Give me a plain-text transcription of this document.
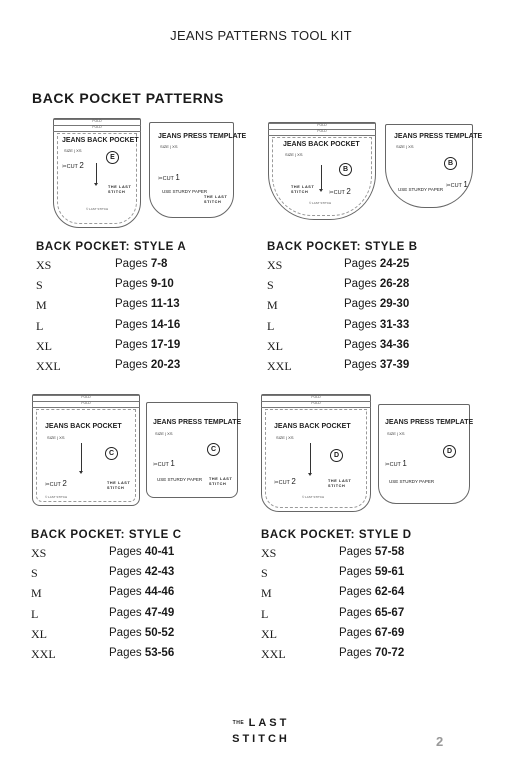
JEANS PATTERNS TOOL KIT
BACK POCKET PATTERNS
FOLD
FOLD
JEANS BACK POCKET
SIZE | XS
E
✂CUT 2
THE LAST
STITCH
© LAST STITCH
JEANS PRESS TEMPLATE
SIZE | XS
✂CUT 1
USE STURDY PAPER
THE LAST
STITCH
FOLD
FOLD
JEANS BACK POCKET
SIZE | XS
B
THE LAST
STITCH	✂CUT 2
© LAST STITCH
JEANS PRESS TEMPLATE
SIZE | XS
B
✂CUT 1
USE STURDY PAPER
FOLD
FOLD
JEANS BACK POCKET
SIZE | XS
C
✂CUT 2	THE LAST
STITCH
© LAST STITCH
JEANS PRESS TEMPLATE
SIZE | XS
C
✂CUT 1
USE STURDY PAPER THE LAST
STITCH
FOLD
FOLD
JEANS BACK POCKET
SIZE | XS
D
✂CUT 2	THE LAST
STITCH
© LAST STITCH
JEANS PRESS TEMPLATE
SIZE | XS
D
✂CUT 1
USE STURDY PAPER
BACK POCKET: STYLE A
XS	Pages 7-8
S	Pages 9-10
M	Pages 11-13
L	Pages 14-16
XL	Pages 17-19
XXL	Pages 20-23
BACK POCKET: STYLE B
XS	Pages 24-25
S	Pages 26-28
M	Pages 29-30
L	Pages 31-33
XL	Pages 34-36
XXL	Pages 37-39
BACK POCKET: STYLE C
XS	Pages 40-41
S	Pages 42-43
M	Pages 44-46
L	Pages 47-49
XL	Pages 50-52
XXL	Pages 53-56
BACK POCKET: STYLE D
XS	Pages 57-58
S	Pages 59-61
M	Pages 62-64
L	Pages 65-67
XL	Pages 67-69
XXL	Pages 70-72
THE LAST
STITCH	2
